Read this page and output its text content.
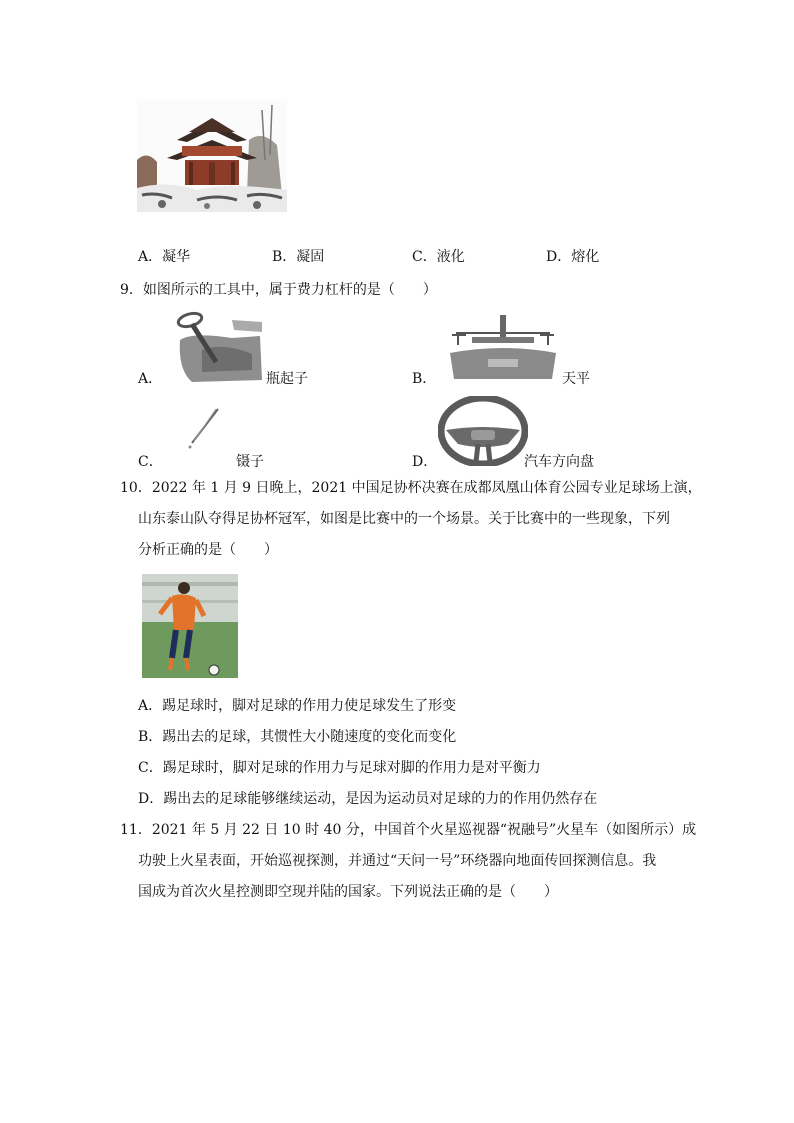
A．凝华	B．凝固	C．液化	D．熔化
9．如图所示的工具中，属于费力杠杆的是（　　）
A．	瓶起子	B．	天平
C．	镊子	D．	汽车方向盘
10．2022 年 1 月 9 日晚上，2021 中国足协杯决赛在成都凤凰山体育公园专业足球场上演，
山东泰山队夺得足协杯冠军，如图是比赛中的一个场景。关于比赛中的一些现象，下列
分析正确的是（　　）
A．踢足球时，脚对足球的作用力使足球发生了形变
B．踢出去的足球，其惯性大小随速度的变化而变化
C．踢足球时，脚对足球的作用力与足球对脚的作用力是对平衡力
D．踢出去的足球能够继续运动，是因为运动员对足球的力的作用仍然存在
11．2021 年 5 月 22 日 10 时 40 分，中国首个火星巡视器“祝融号”火星车（如图所示）成
功驶上火星表面，开始巡视探测，并通过“天问一号”环绕器向地面传回探测信息。我
国成为首次火星控测即空现并陆的国家。下列说法正确的是（　　）
